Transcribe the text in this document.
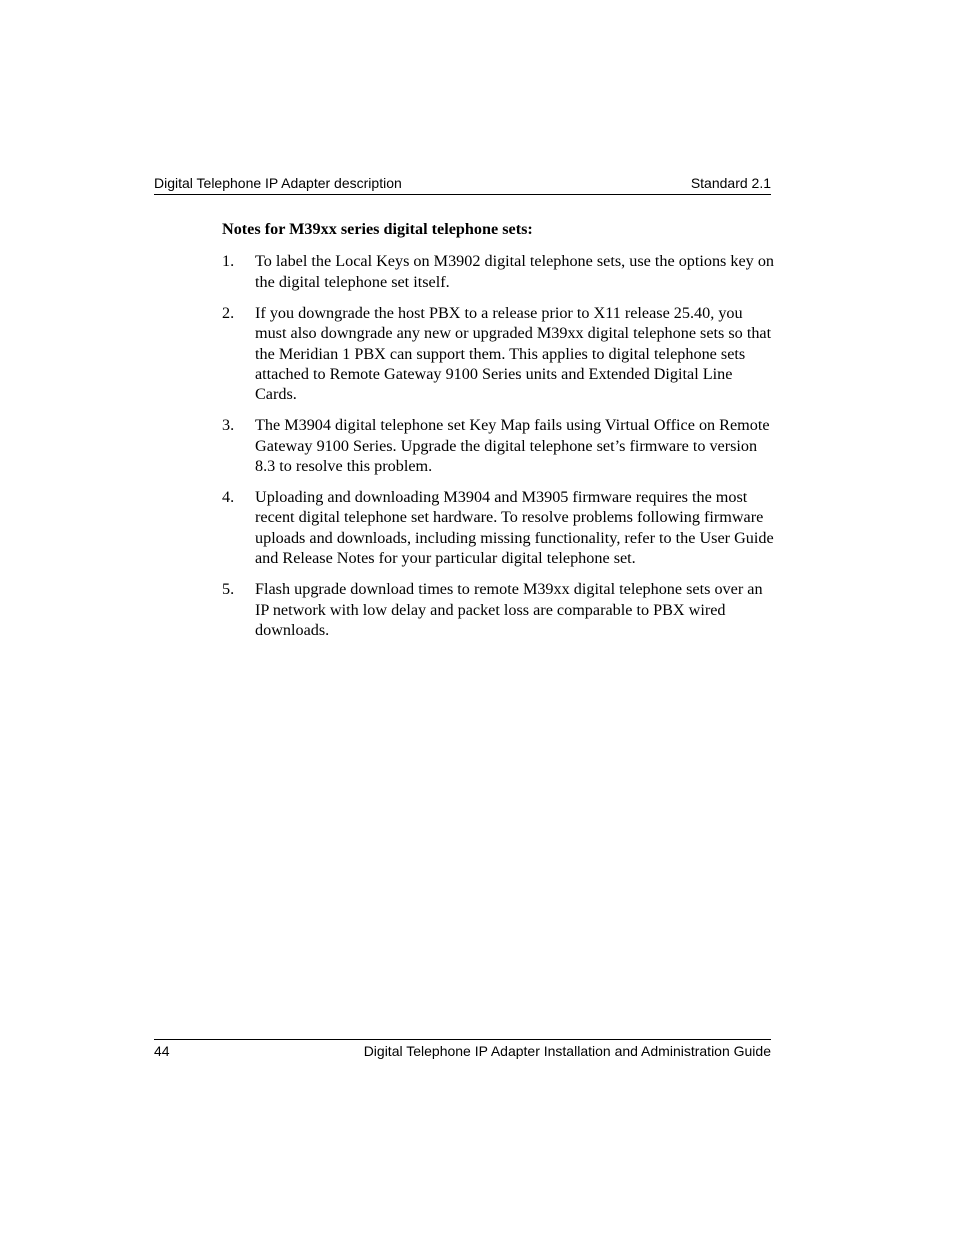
Digital Telephone IP Adapter description	Standard 2.1

Notes for M39xx series digital telephone sets:

1. To label the Local Keys on M3902 digital telephone sets, use the options key on the digital telephone set itself.
2. If you downgrade the host PBX to a release prior to X11 release 25.40, you must also downgrade any new or upgraded M39xx digital telephone sets so that the Meridian 1 PBX can support them. This applies to digital telephone sets attached to Remote Gateway 9100 Series units and Extended Digital Line Cards.
3. The M3904 digital telephone set Key Map fails using Virtual Office on Remote Gateway 9100 Series. Upgrade the digital telephone set’s firmware to version 8.3 to resolve this problem.
4. Uploading and downloading M3904 and M3905 firmware requires the most recent digital telephone set hardware. To resolve problems following firmware uploads and downloads, including missing functionality, refer to the User Guide and Release Notes for your particular digital telephone set.
5. Flash upgrade download times to remote M39xx digital telephone sets over an IP network with low delay and packet loss are comparable to PBX wired downloads.
44	Digital Telephone IP Adapter Installation and Administration Guide
